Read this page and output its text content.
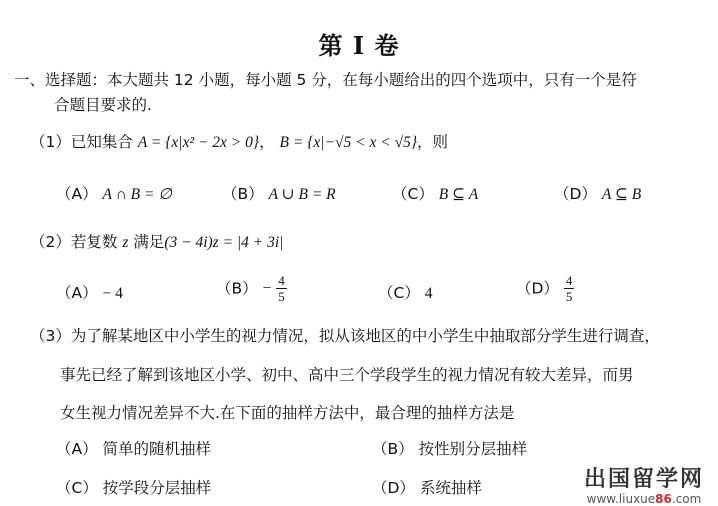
第 I 卷
一、选择题：本大题共 12 小题，每小题 5 分，在每小题给出的四个选项中，只有一个是符
合题目要求的.
（1）已知集合 A = {x|x² − 2x > 0}， B = {x|−√5 < x < √5}，则
（A） A ∩ B = ∅	（B） A ∪ B = R	（C） B ⊆ A	（D） A ⊆ B
（2）若复数 z 满足(3 − 4i)z = |4 + 3i|
（A） − 4	$(B) - \frac{4}{5}$	（C） 4	$(D) \frac{4}{5}$
（3）为了解某地区中小学生的视力情况，拟从该地区的中小学生中抽取部分学生进行调查，
事先已经了解到该地区小学、初中、高中三个学段学生的视力情况有较大差异，而男
女生视力情况差异不大.在下面的抽样方法中，最合理的抽样方法是
（A） 简单的随机抽样	（B） 按性别分层抽样
（C） 按学段分层抽样	（D） 系统抽样	出国留学网
www.liuxue86.com
